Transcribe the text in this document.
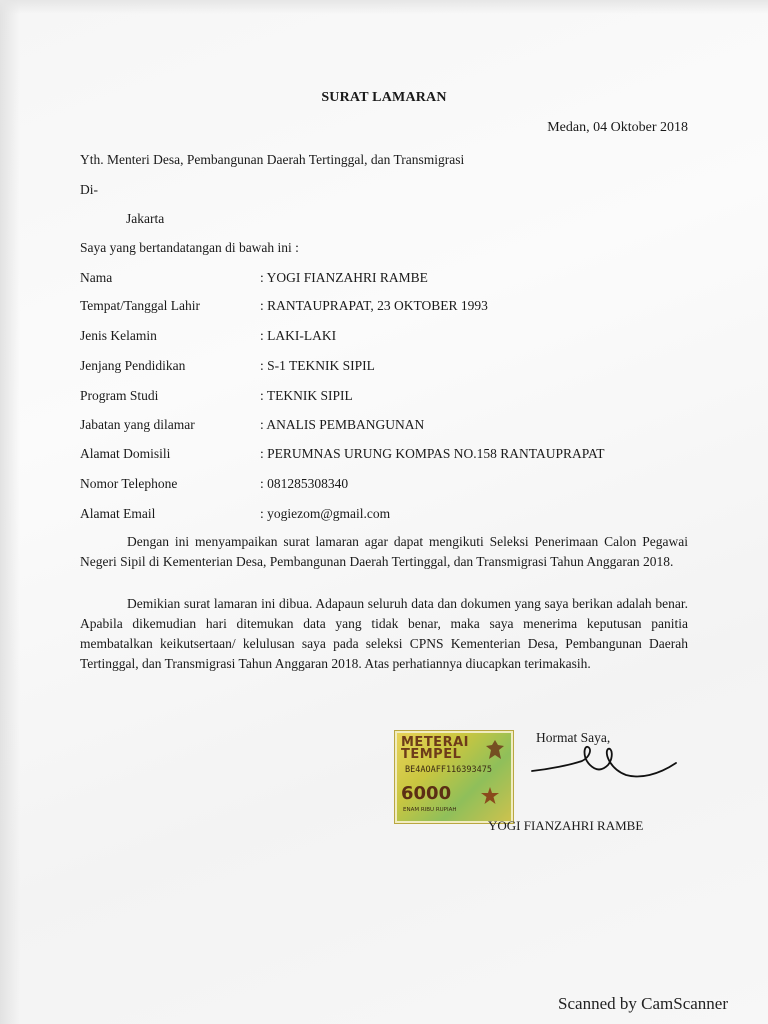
SURAT LAMARAN
Medan, 04 Oktober 2018
Yth. Menteri Desa, Pembangunan Daerah Tertinggal, dan Transmigrasi
Di-
Jakarta
Saya yang bertandatangan di bawah ini :
Nama	: YOGI FIANZAHRI RAMBE
Tempat/Tanggal Lahir	: RANTAUPRAPAT, 23 OKTOBER 1993
Jenis Kelamin	: LAKI-LAKI
Jenjang Pendidikan	: S-1 TEKNIK SIPIL
Program Studi	: TEKNIK SIPIL
Jabatan yang dilamar	: ANALIS PEMBANGUNAN
Alamat Domisili	: PERUMNAS URUNG KOMPAS NO.158 RANTAUPRAPAT
Nomor Telephone	: 081285308340
Alamat Email	: yogiezom@gmail.com
Dengan ini menyampaikan surat lamaran agar dapat mengikuti Seleksi Penerimaan Calon Pegawai Negeri Sipil di Kementerian Desa, Pembangunan Daerah Tertinggal, dan Transmigrasi Tahun Anggaran 2018.
Demikian surat lamaran ini dibua. Adapaun seluruh data dan dokumen yang saya berikan adalah benar. Apabila dikemudian hari ditemukan data yang tidak benar, maka saya menerima keputusan panitia membatalkan keikutsertaan/ kelulusan saya pada seleksi CPNS Kementerian Desa, Pembangunan Daerah Tertinggal, dan Transmigrasi Tahun Anggaran 2018. Atas perhatiannya diucapkan terimakasih.
METERAI
TEMPEL
BE4AOAFF116393475
6000
ENAM RIBU RUPIAH
Hormat Saya,
YOGI FIANZAHRI RAMBE
Scanned by CamScanner
